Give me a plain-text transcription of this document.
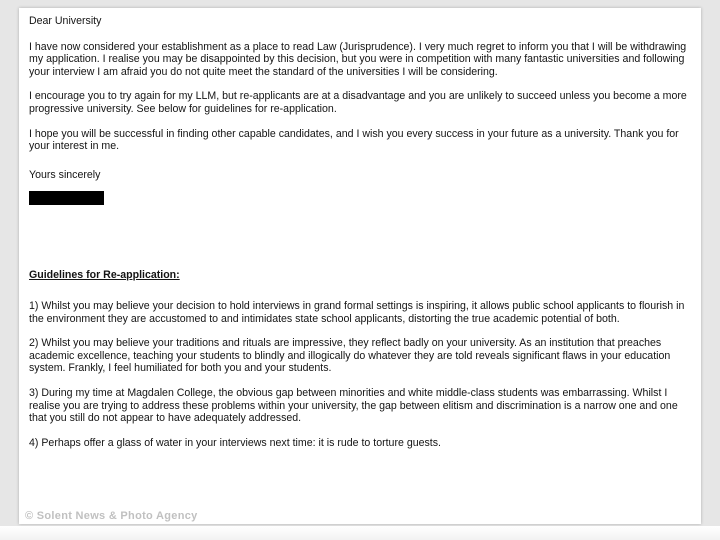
Dear University

I have now considered your establishment as a place to read Law (Jurisprudence). I very much regret to inform you that I will be withdrawing my application. I realise you may be disappointed by this decision, but you were in competition with many fantastic universities and following your interview I am afraid you do not quite meet the standard of the universities I will be considering.

I encourage you to try again for my LLM, but re-applicants are at a disadvantage and you are unlikely to succeed unless you become a more progressive university. See below for guidelines for re-application.

I hope you will be successful in finding other capable candidates, and I wish you every success in your future as a university. Thank you for your interest in me.

Yours sincerely

Guidelines for Re-application:

1) Whilst you may believe your decision to hold interviews in grand formal settings is inspiring, it allows public school applicants to flourish in the environment they are accustomed to and intimidates state school applicants, distorting the true academic potential of both.

2) Whilst you may believe your traditions and rituals are impressive, they reflect badly on your university. As an institution that preaches academic excellence, teaching your students to blindly and illogically do whatever they are told reveals significant flaws in your education system. Frankly, I feel humiliated for both you and your students.

3) During my time at Magdalen College, the obvious gap between minorities and white middle-class students was embarrassing. Whilst I realise you are trying to address these problems within your university, the gap between elitism and discrimination is a narrow one and one that you still do not appear to have adequately addressed.

4) Perhaps offer a glass of water in your interviews next time: it is rude to torture guests.

© Solent News & Photo Agency
